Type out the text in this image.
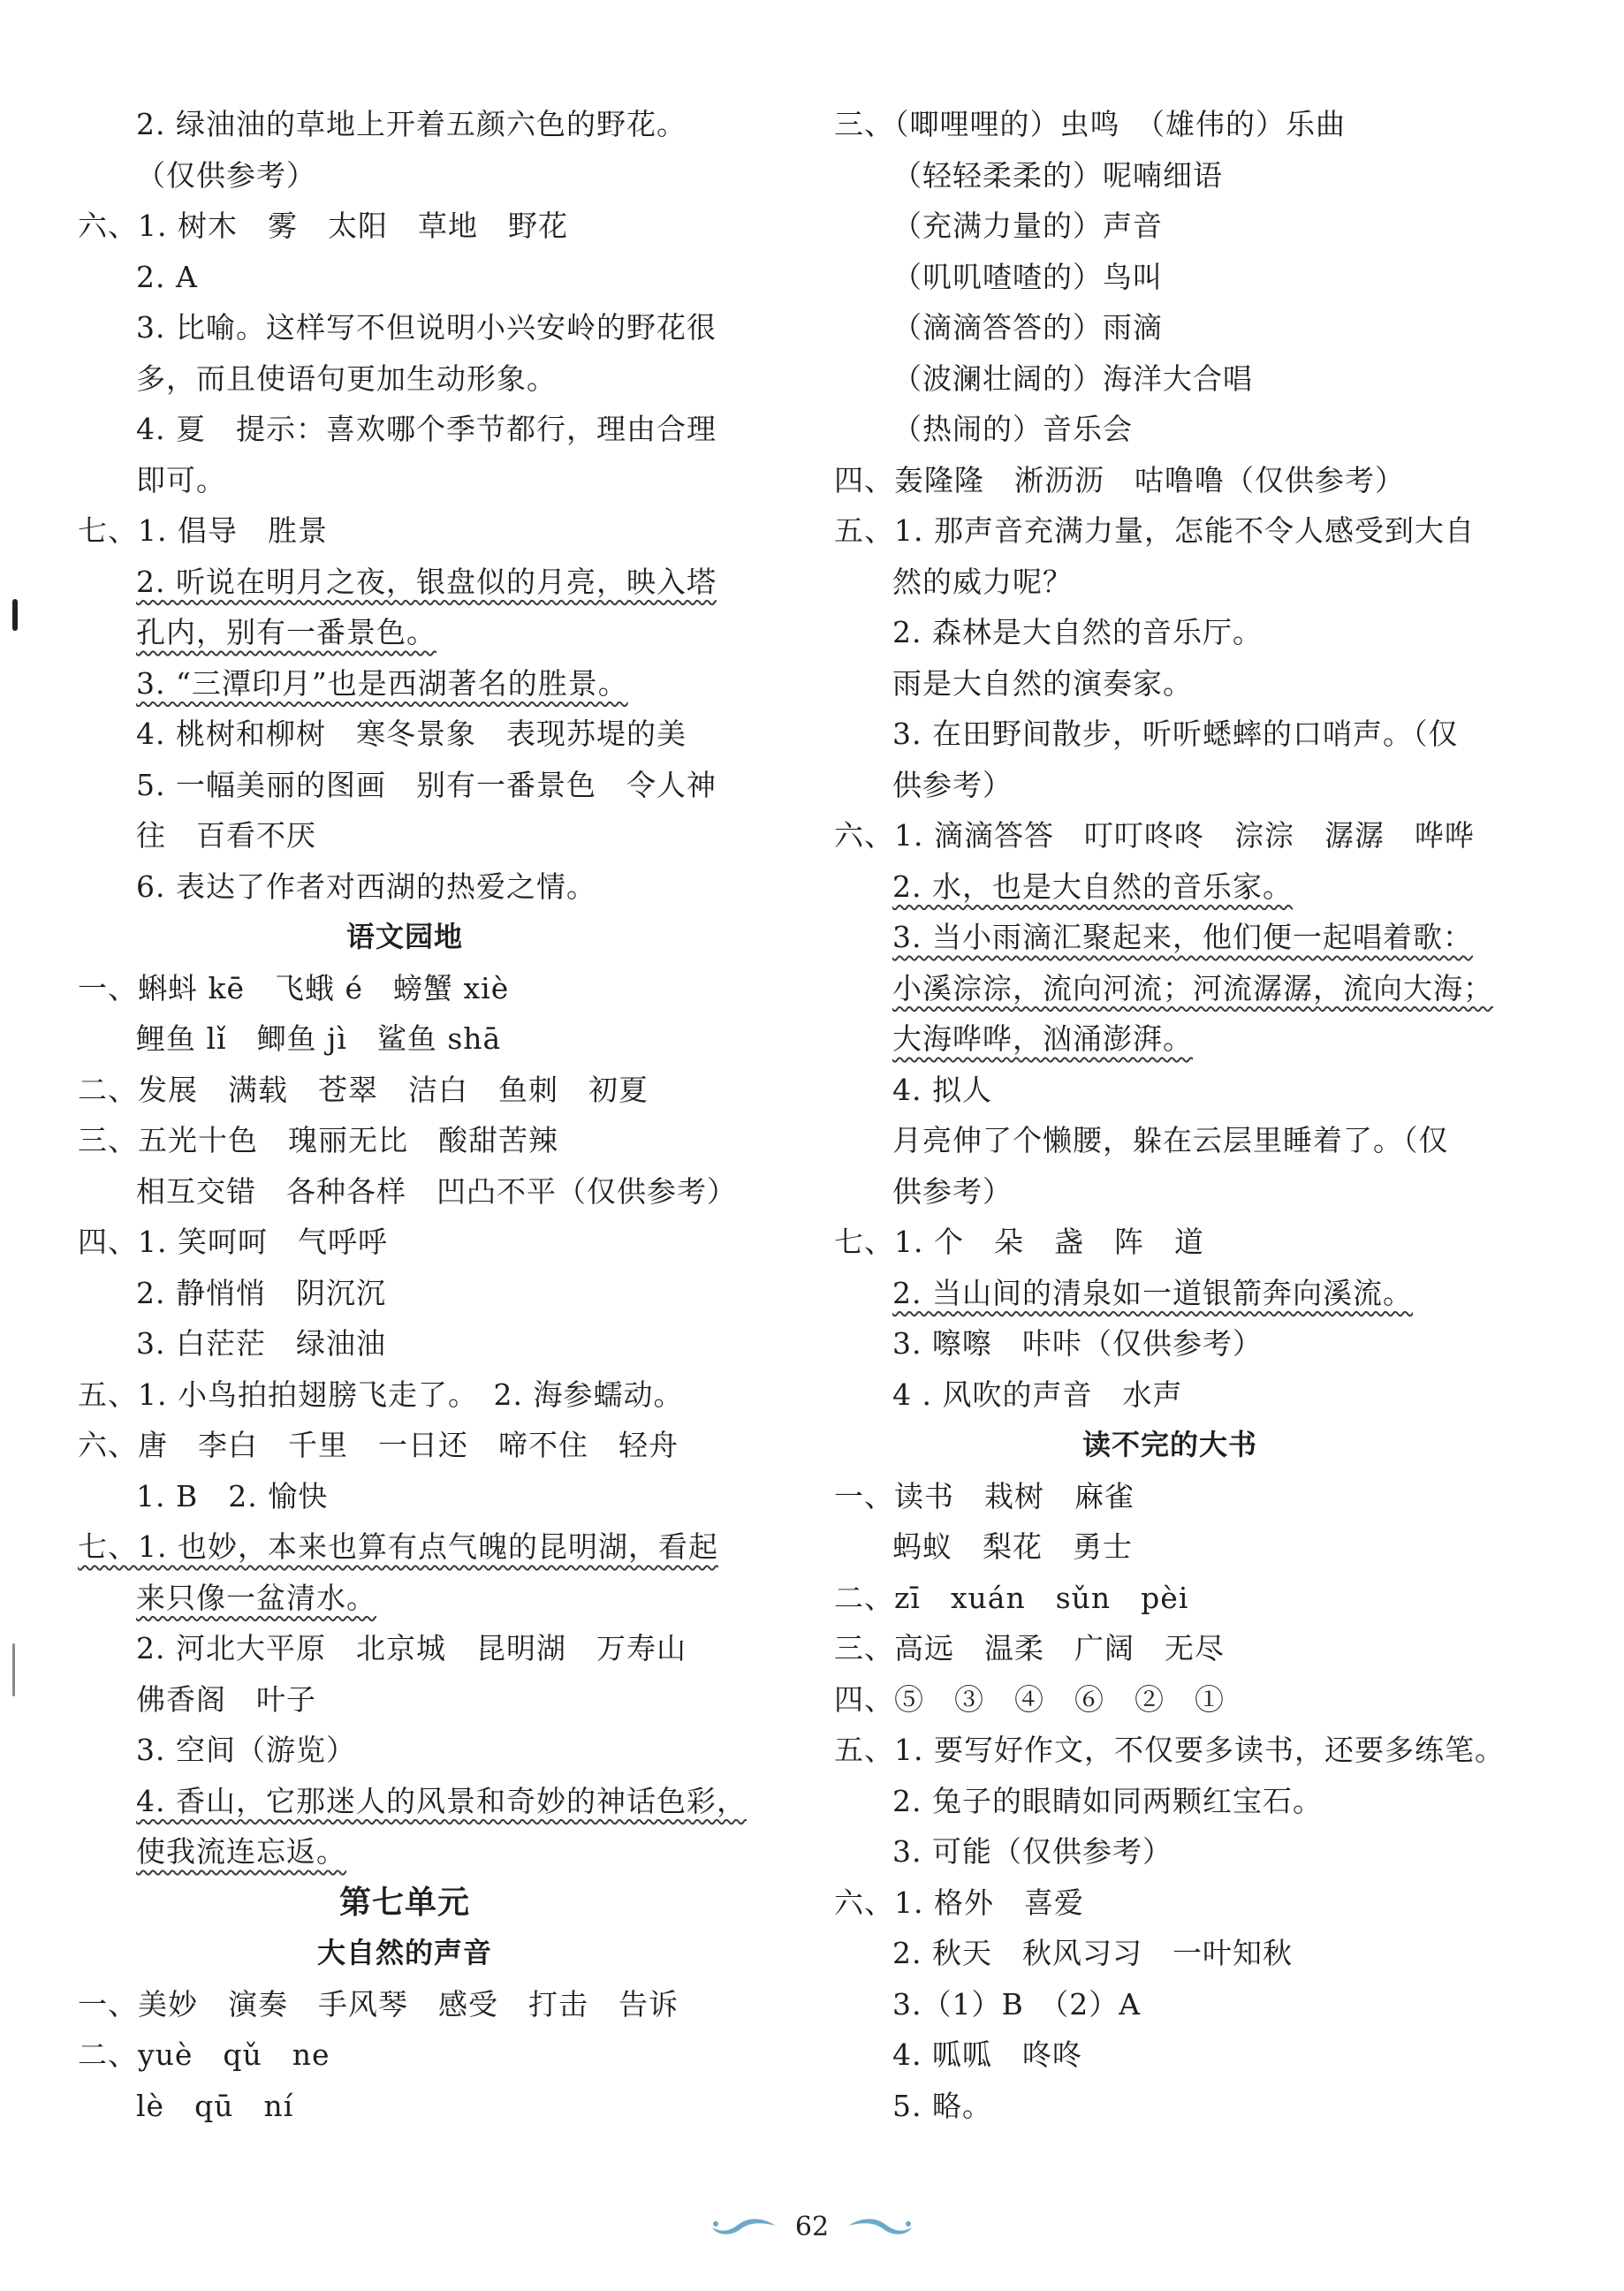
2. 绿油油的草地上开着五颜六色的野花。
（仅供参考）
六、1. 树木　雾　太阳　草地　野花
2. A
3. 比喻。这样写不但说明小兴安岭的野花很
多，而且使语句更加生动形象。
4. 夏　提示：喜欢哪个季节都行，理由合理
即可。
七、1. 倡导　胜景
2. 听说在明月之夜，银盘似的月亮，映入塔
孔内，别有一番景色。
3. “三潭印月”也是西湖著名的胜景。
4. 桃树和柳树　寒冬景象　表现苏堤的美
5. 一幅美丽的图画　别有一番景色　令人神
往　百看不厌
6. 表达了作者对西湖的热爱之情。
语文园地
一、蝌蚪 kē　飞蛾 é　螃蟹 xiè
鲤鱼 lǐ　鲫鱼 jì　鲨鱼 shā
二、发展　满载　苍翠　洁白　鱼刺　初夏
三、五光十色　瑰丽无比　酸甜苦辣
相互交错　各种各样　凹凸不平（仅供参考）
四、1. 笑呵呵　气呼呼
2. 静悄悄　阴沉沉
3. 白茫茫　绿油油
五、1. 小鸟拍拍翅膀飞走了。　2. 海参蠕动。
六、唐　李白　千里　一日还　啼不住　轻舟
1. B　2. 愉快
七、1. 也妙，本来也算有点气魄的昆明湖，看起
来只像一盆清水。
2. 河北大平原　北京城　昆明湖　万寿山
佛香阁　叶子
3. 空间（游览）
4. 香山，它那迷人的风景和奇妙的神话色彩，
使我流连忘返。
第七单元
大自然的声音
一、美妙　演奏　手风琴　感受　打击　告诉
二、yuè　qǔ　ne
lè　qū　ní
三、（唧哩哩的）虫鸣　（雄伟的）乐曲
（轻轻柔柔的）呢喃细语
（充满力量的）声音
（叽叽喳喳的）鸟叫
（滴滴答答的）雨滴
（波澜壮阔的）海洋大合唱
（热闹的）音乐会
四、轰隆隆　淅沥沥　咕噜噜（仅供参考）
五、1. 那声音充满力量，怎能不令人感受到大自
然的威力呢？
2. 森林是大自然的音乐厅。
雨是大自然的演奏家。
3. 在田野间散步，听听蟋蟀的口哨声。（仅
供参考）
六、1. 滴滴答答　叮叮咚咚　淙淙　潺潺　哗哗
2. 水，也是大自然的音乐家。
3. 当小雨滴汇聚起来，他们便一起唱着歌：
小溪淙淙，流向河流；河流潺潺，流向大海；
大海哗哗，汹涌澎湃。
4. 拟人
月亮伸了个懒腰，躲在云层里睡着了。（仅
供参考）
七、1. 个　朵　盏　阵　道
2. 当山间的清泉如一道银箭奔向溪流。
3. 嚓嚓　咔咔（仅供参考）
4 . 风吹的声音　水声
读不完的大书
一、读书　栽树　麻雀
蚂蚁　梨花　勇士
二、zī　xuán　sǔn　pèi
三、高远　温柔　广阔　无尽
四、⑤　③　④　⑥　②　①
五、1. 要写好作文，不仅要多读书，还要多练笔。
2. 兔子的眼睛如同两颗红宝石。
3. 可能（仅供参考）
六、1. 格外　喜爱
2. 秋天　秋风习习　一叶知秋
3.（1）B　（2）A
4. 呱呱　咚咚
5. 略。
62
